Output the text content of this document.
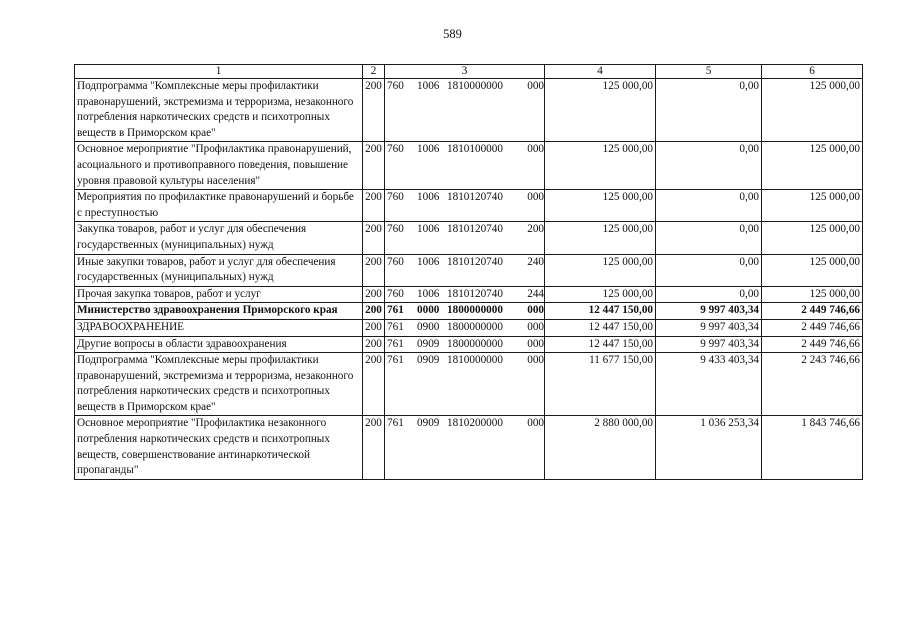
589
1	2	3	4	5	6
Подпрограмма "Комплексные меры профилактики правонарушений, экстремизма и терроризма, незаконного потребления наркотических средств и психотропных веществ в Приморском крае"	200	760 1006 1810000000 000	125 000,00	0,00	125 000,00
Основное мероприятие "Профилактика правонарушений, асоциального и противоправного поведения, повышение уровня правовой культуры населения"	200	760 1006 1810100000 000	125 000,00	0,00	125 000,00
Мероприятия по профилактике правонарушений и борьбе с преступностью	200	760 1006 1810120740 000	125 000,00	0,00	125 000,00
Закупка товаров, работ и услуг для обеспечения государственных (муниципальных) нужд	200	760 1006 1810120740 200	125 000,00	0,00	125 000,00
Иные закупки товаров, работ и услуг для обеспечения государственных (муниципальных) нужд	200	760 1006 1810120740 240	125 000,00	0,00	125 000,00
Прочая закупка товаров, работ и услуг	200	760 1006 1810120740 244	125 000,00	0,00	125 000,00
Министерство здравоохранения Приморского края	200	761 0000 1800000000 000	12 447 150,00	9 997 403,34	2 449 746,66
ЗДРАВООХРАНЕНИЕ	200	761 0900 1800000000 000	12 447 150,00	9 997 403,34	2 449 746,66
Другие вопросы в области здравоохранения	200	761 0909 1800000000 000	12 447 150,00	9 997 403,34	2 449 746,66
Подпрограмма "Комплексные меры профилактики правонарушений, экстремизма и терроризма, незаконного потребления наркотических средств и психотропных веществ в Приморском крае"	200	761 0909 1810000000 000	11 677 150,00	9 433 403,34	2 243 746,66
Основное мероприятие "Профилактика незаконного потребления наркотических средств и психотропных веществ, совершенствование антинаркотической пропаганды"	200	761 0909 1810200000 000	2 880 000,00	1 036 253,34	1 843 746,66
